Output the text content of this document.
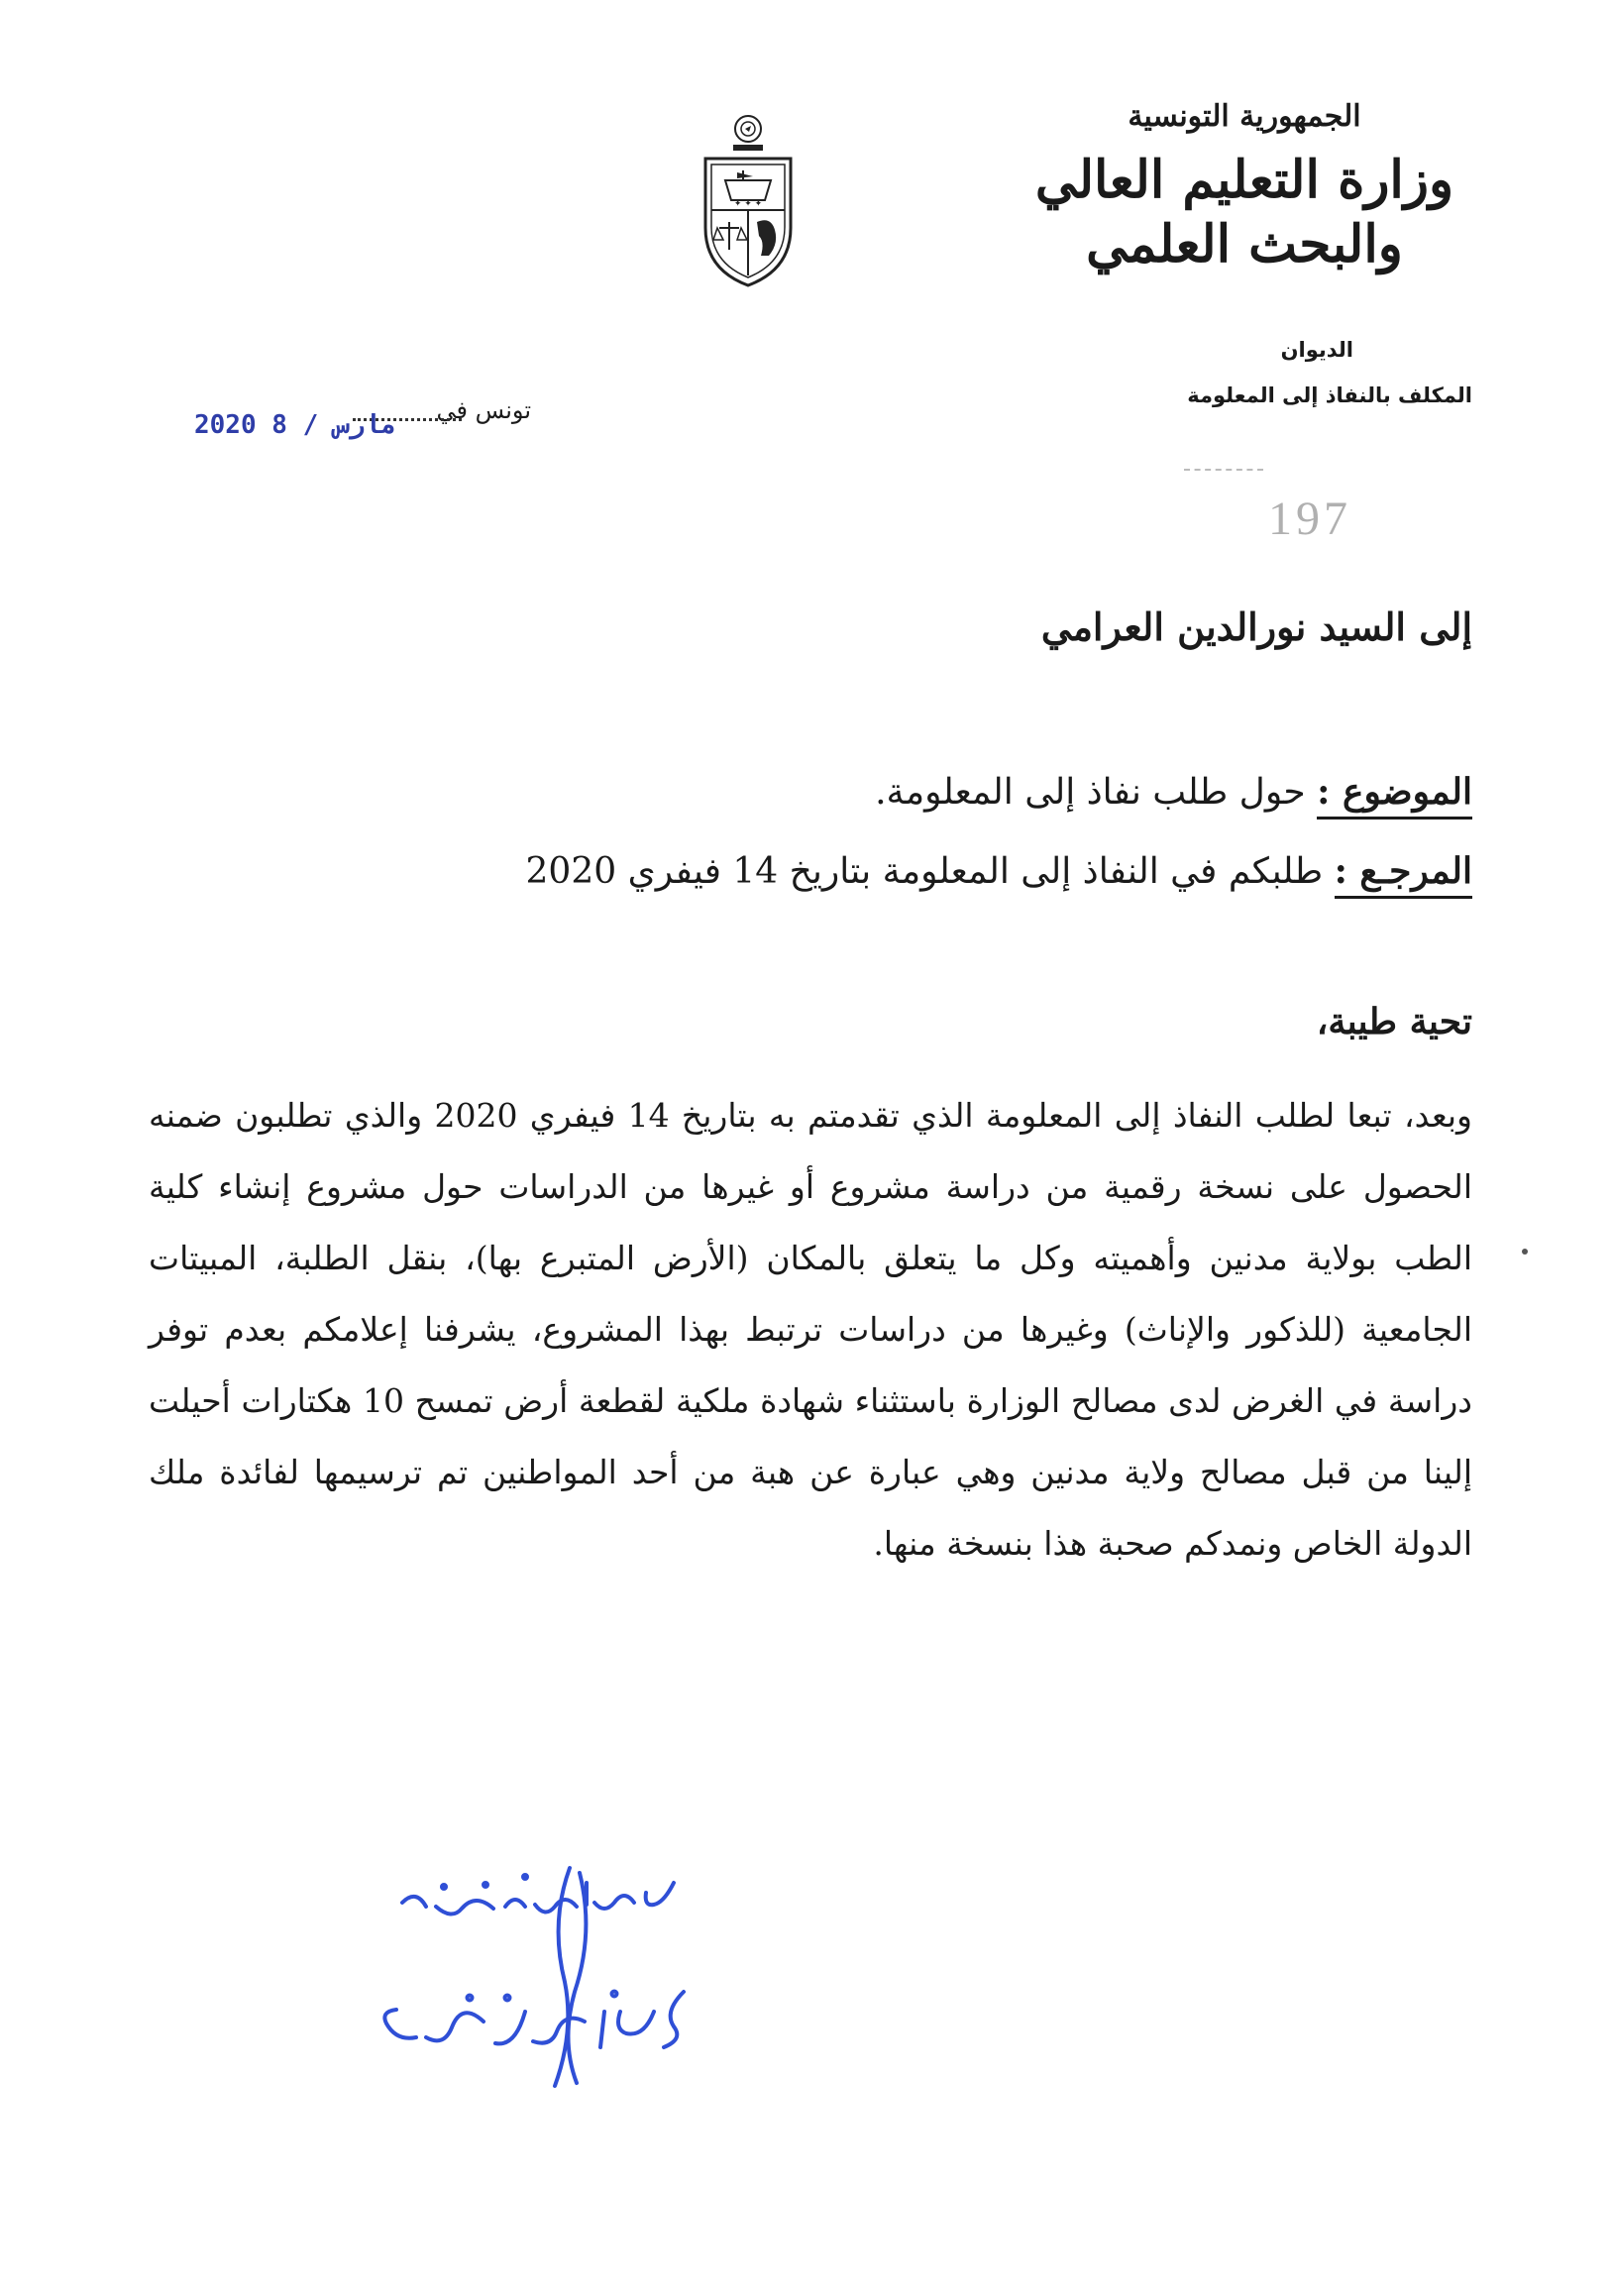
الجمهورية التونسية
وزارة التعليم العالي
والبحث العلمي
الديوان
المكلف بالنفاذ إلى المعلومة
✦ ✦ ✦
تونس في
2020 مارس / 8
197
إلى السيد نورالدين العرامي
الموضوع : حول طلب نفاذ إلى المعلومة.
المرجـع : طلبكم في النفاذ إلى المعلومة بتاريخ 14 فيفري 2020
تحية طيبة،
وبعد، تبعا لطلب النفاذ إلى المعلومة الذي تقدمتم به بتاريخ 14 فيفري 2020 والذي تطلبون ضمنه الحصول على نسخة رقمية من دراسة مشروع أو غيرها من الدراسات حول مشروع إنشاء كلية الطب بولاية مدنين وأهميته وكل ما يتعلق بالمكان (الأرض المتبرع بها)، بنقل الطلبة، المبيتات الجامعية (للذكور والإناث) وغيرها من دراسات ترتبط بهذا المشروع، يشرفنا إعلامكم بعدم توفر دراسة في الغرض لدى مصالح الوزارة باستثناء شهادة ملكية لقطعة أرض تمسح 10 هكتارات أحيلت إلينا من قبل مصالح ولاية مدنين وهي عبارة عن هبة من أحد المواطنين تم ترسيمها لفائدة ملك الدولة الخاص ونمدكم صحبة هذا بنسخة منها.
